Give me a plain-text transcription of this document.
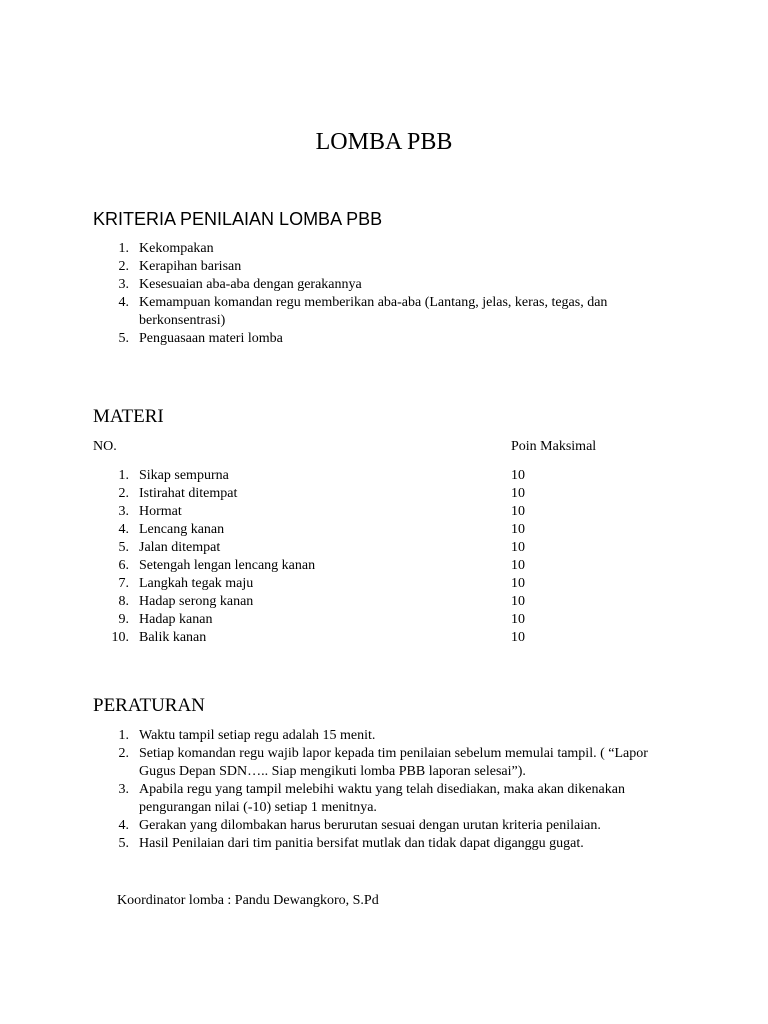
LOMBA PBB
KRITERIA PENILAIAN LOMBA PBB
1. Kekompakan
2. Kerapihan barisan
3. Kesesuaian aba-aba dengan gerakannya
4. Kemampuan komandan regu memberikan aba-aba (Lantang, jelas, keras, tegas, dan berkonsentrasi)
5. Penguasaan materi lomba
MATERI
NO.	Poin Maksimal
1. Sikap sempurna	10
2. Istirahat ditempat	10
3. Hormat	10
4. Lencang kanan	10
5. Jalan ditempat	10
6. Setengah lengan lencang kanan	10
7. Langkah tegak maju	10
8. Hadap serong kanan	10
9. Hadap kanan	10
10. Balik kanan	10
PERATURAN
1. Waktu tampil setiap regu adalah 15 menit.
2. Setiap komandan regu wajib lapor kepada tim penilaian sebelum memulai tampil. ( “Lapor Gugus Depan SDN….. Siap mengikuti lomba PBB laporan selesai”).
3. Apabila regu yang tampil melebihi waktu yang telah disediakan, maka akan dikenakan pengurangan nilai (-10) setiap 1 menitnya.
4. Gerakan yang dilombakan harus berurutan sesuai dengan urutan kriteria penilaian.
5. Hasil Penilaian dari tim panitia bersifat mutlak dan tidak dapat diganggu gugat.
Koordinator lomba : Pandu Dewangkoro, S.Pd
